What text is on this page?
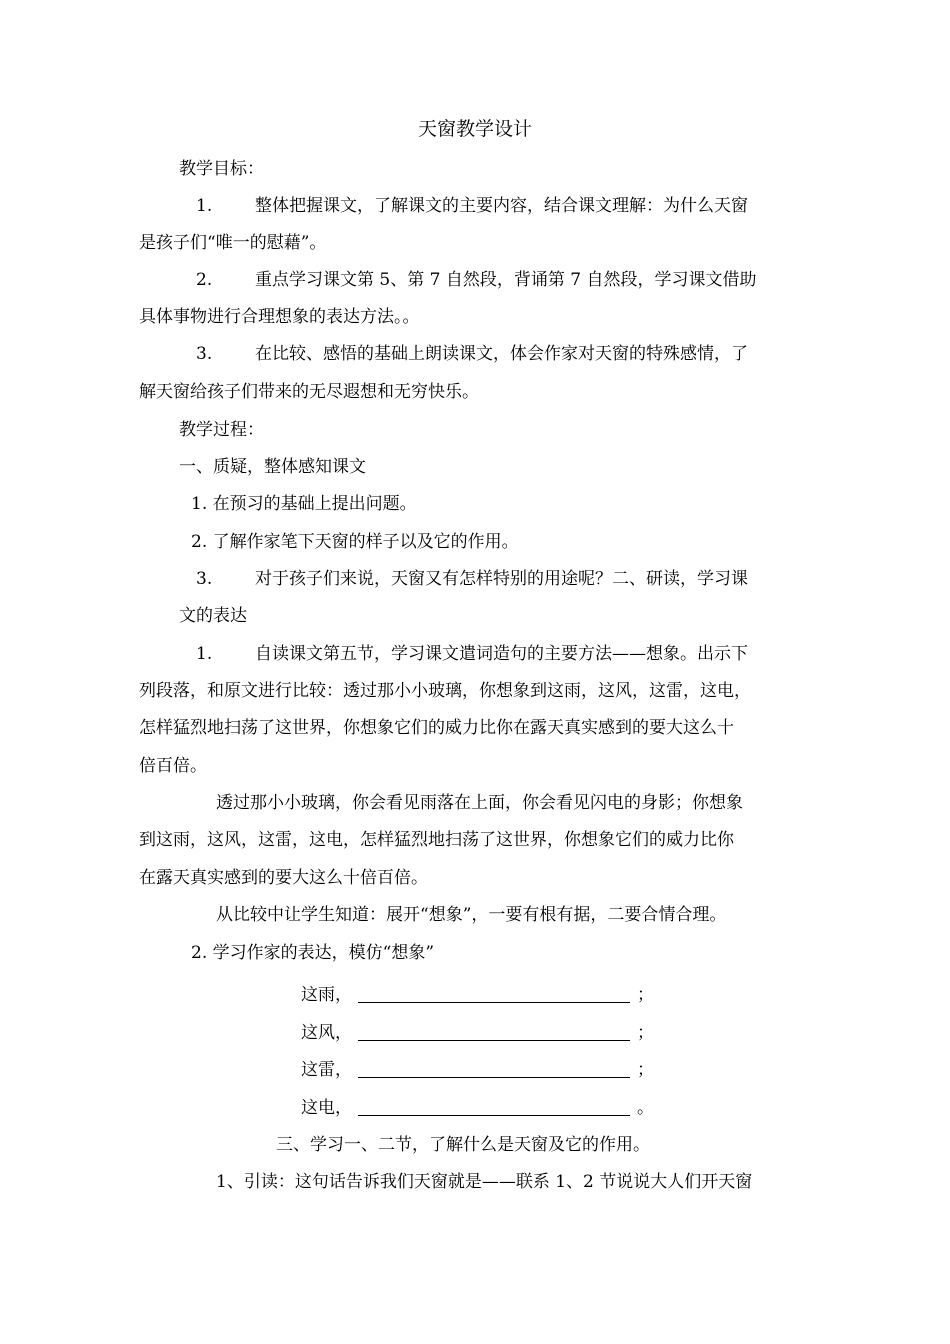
天窗教学设计
教学目标：
1.	整体把握课文，了解课文的主要内容，结合课文理解：为什么天窗
是孩子们“唯一的慰藉”。
2.	重点学习课文第 5、第 7 自然段，背诵第 7 自然段，学习课文借助
具体事物进行合理想象的表达方法。。
3.	在比较、感悟的基础上朗读课文，体会作家对天窗的特殊感情，了
解天窗给孩子们带来的无尽遐想和无穷快乐。
教学过程：
一、质疑，整体感知课文
1. 在预习的基础上提出问题。
2. 了解作家笔下天窗的样子以及它的作用。
3.	对于孩子们来说，天窗又有怎样特别的用途呢？二、研读，学习课
文的表达
1.	自读课文第五节，学习课文遣词造句的主要方法——想象。出示下
列段落，和原文进行比较：透过那小小玻璃，你想象到这雨，这风，这雷，这电，
怎样猛烈地扫荡了这世界，你想象它们的威力比你在露天真实感到的要大这么十
倍百倍。
透过那小小玻璃，你会看见雨落在上面，你会看见闪电的身影；你想象
到这雨，这风，这雷，这电，怎样猛烈地扫荡了这世界，你想象它们的威力比你
在露天真实感到的要大这么十倍百倍。
从比较中让学生知道：展开“想象”，一要有根有据，二要合情合理。
2. 学习作家的表达，模仿“想象”
这雨，	；
这风，	；
这雷，	；
这电，	。
三、学习一、二节，了解什么是天窗及它的作用。
1、引读：这句话告诉我们天窗就是——联系 1、2 节说说大人们开天窗
